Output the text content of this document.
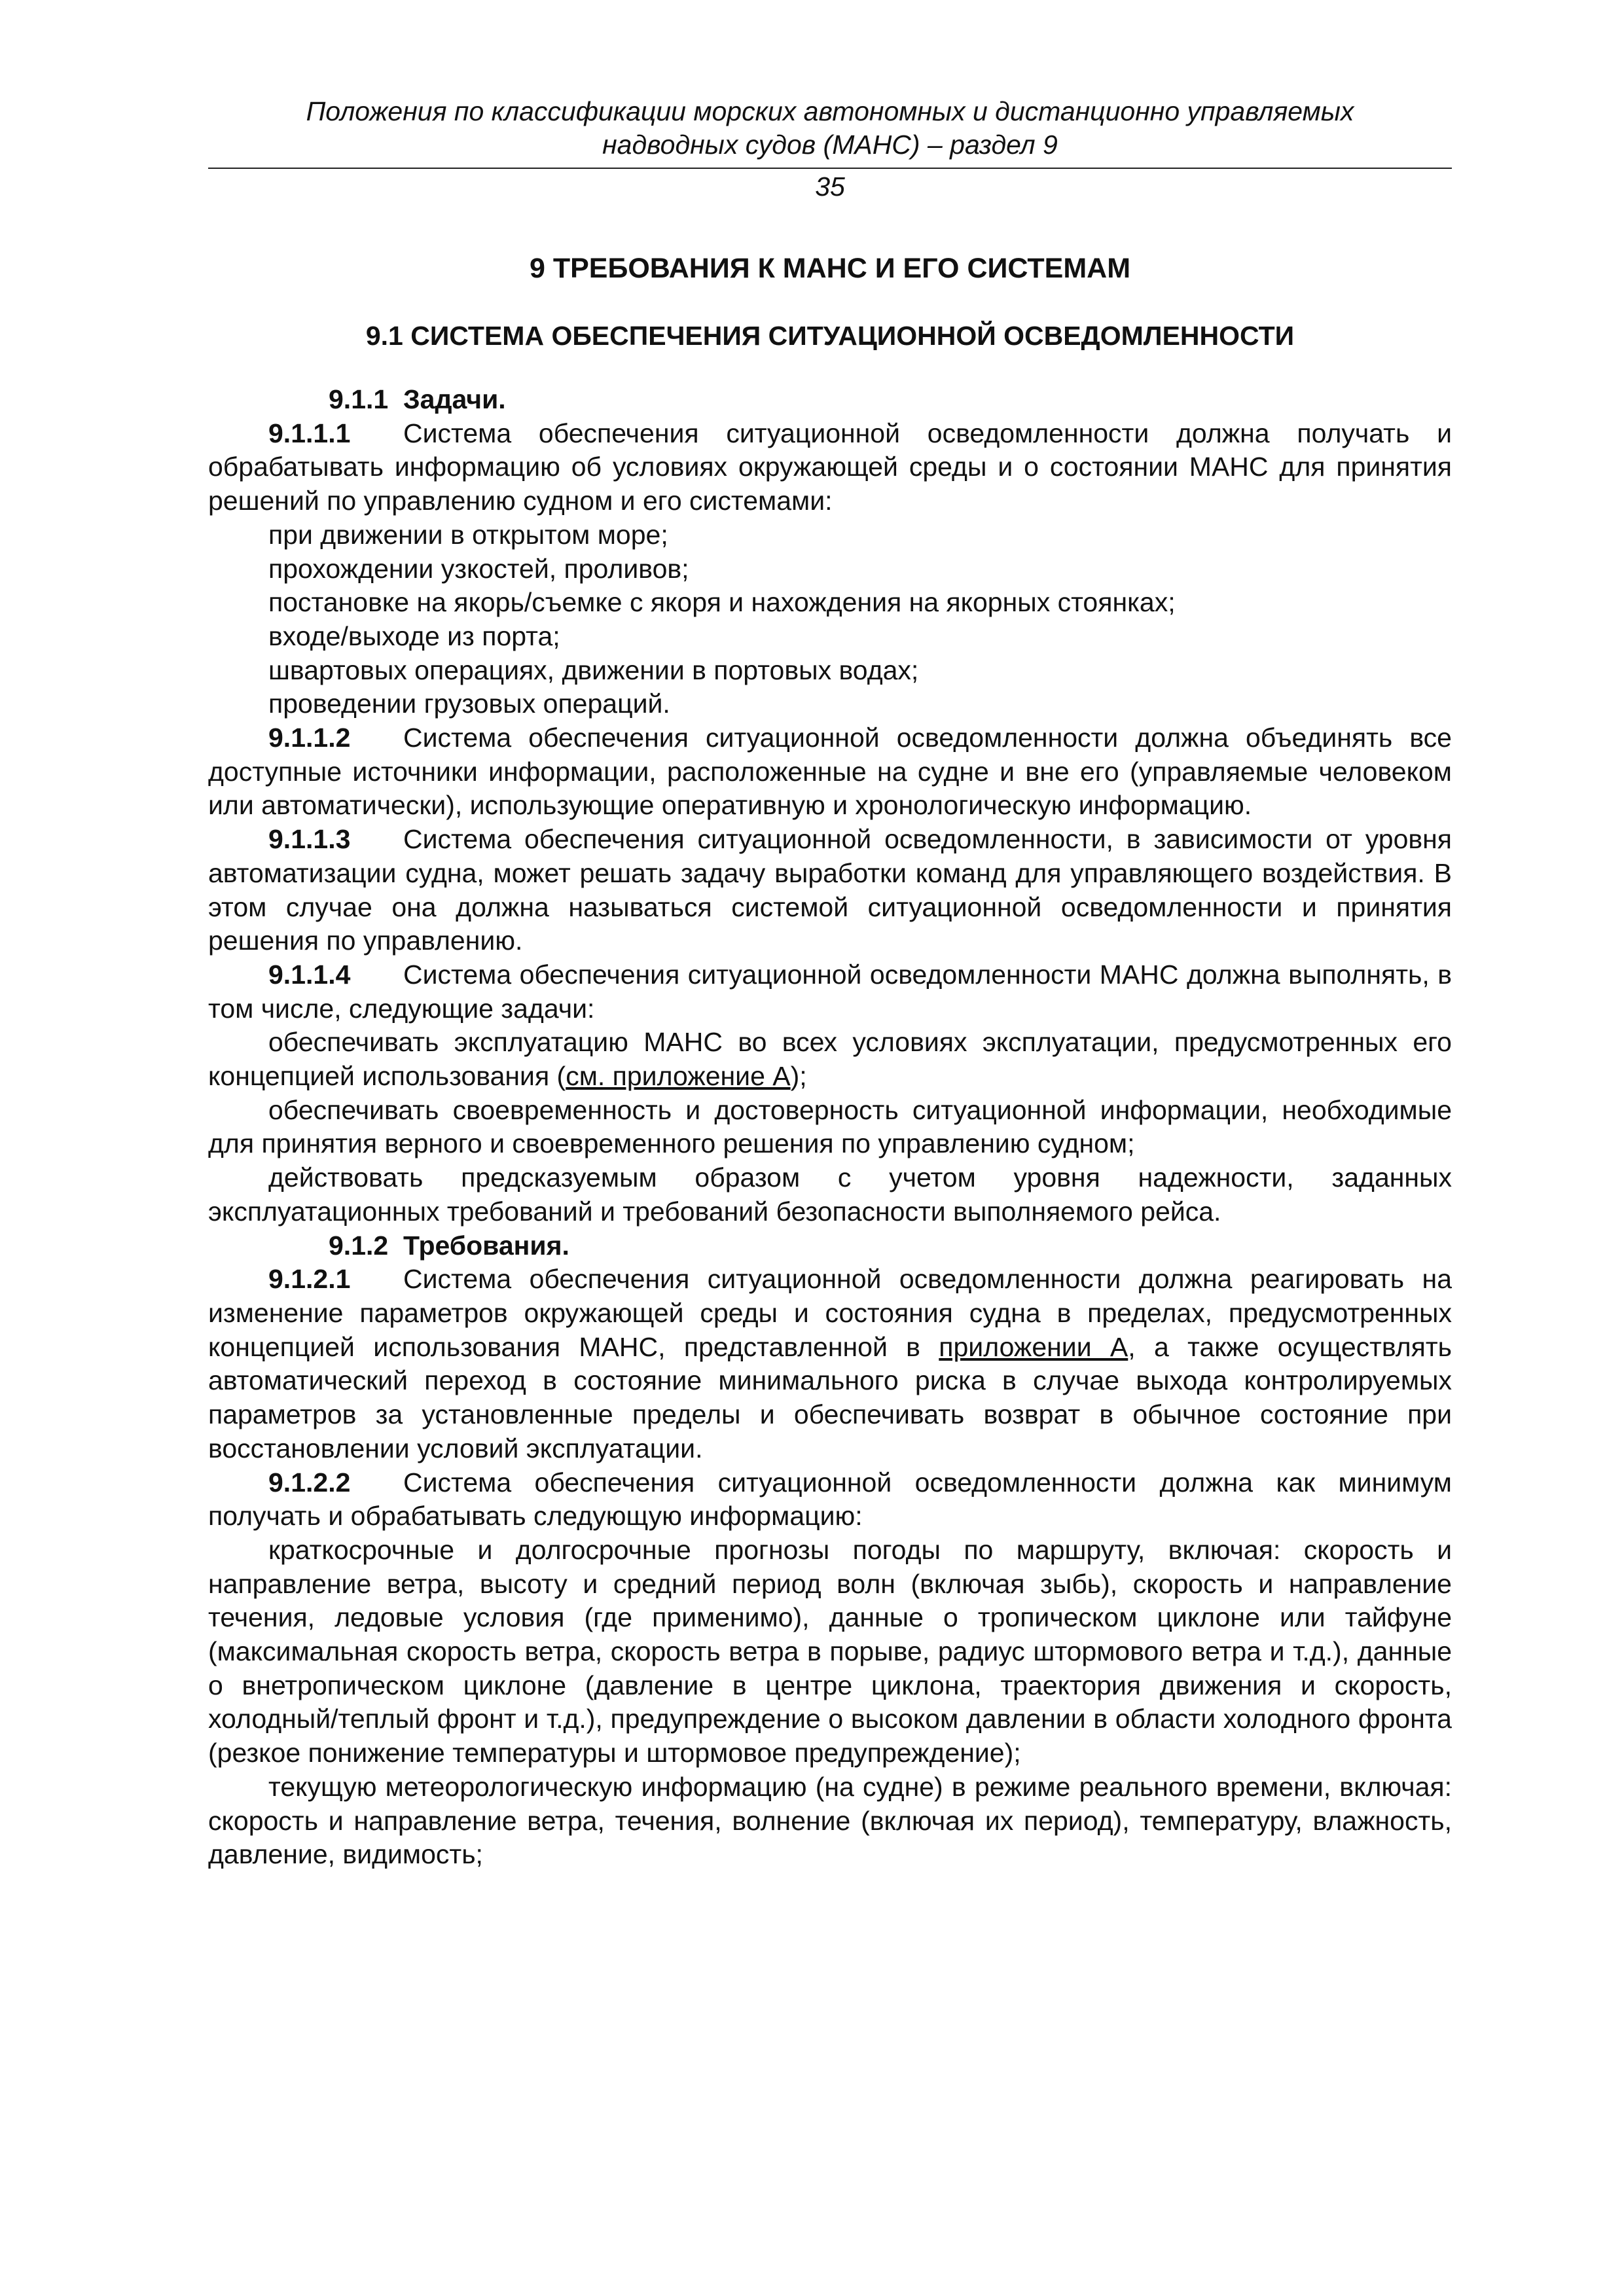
Положения по классификации морских автономных и дистанционно управляемых
надводных судов (МАНС) – раздел 9
35
9 ТРЕБОВАНИЯ К МАНС И ЕГО СИСТЕМАМ
9.1 СИСТЕМА ОБЕСПЕЧЕНИЯ СИТУАЦИОННОЙ ОСВЕДОМЛЕННОСТИ

9.1.1 Задачи.

9.1.1.1 Система обеспечения ситуационной осведомленности должна получать и обрабатывать информацию об условиях окружающей среды и о состоянии МАНС для принятия решений по управлению судном и его системами:

при движении в открытом море;

прохождении узкостей, проливов;

постановке на якорь/съемке с якоря и нахождения на якорных стоянках;

входе/выходе из порта;

швартовых операциях, движении в портовых водах;

проведении грузовых операций.

9.1.1.2 Система обеспечения ситуационной осведомленности должна объединять все доступные источники информации, расположенные на судне и вне его (управляемые человеком или автоматически), использующие оперативную и хронологическую информацию.

9.1.1.3 Система обеспечения ситуационной осведомленности, в зависимости от уровня автоматизации судна, может решать задачу выработки команд для управляющего воздействия. В этом случае она должна называться системой ситуационной осведомленности и принятия решения по управлению.

9.1.1.4 Система обеспечения ситуационной осведомленности МАНС должна выполнять, в том числе, следующие задачи:

обеспечивать эксплуатацию МАНС во всех условиях эксплуатации, предусмотренных его концепцией использования (см. приложение А);

обеспечивать своевременность и достоверность ситуационной информации, необходимые для принятия верного и своевременного решения по управлению судном;

действовать предсказуемым образом с учетом уровня надежности, заданных эксплуатационных требований и требований безопасности выполняемого рейса.

9.1.2 Требования.

9.1.2.1 Система обеспечения ситуационной осведомленности должна реагировать на изменение параметров окружающей среды и состояния судна в пределах, предусмотренных концепцией использования МАНС, представленной в приложении А, а также осуществлять автоматический переход в состояние минимального риска в случае выхода контролируемых параметров за установленные пределы и обеспечивать возврат в обычное состояние при восстановлении условий эксплуатации.

9.1.2.2 Система обеспечения ситуационной осведомленности должна как минимум получать и обрабатывать следующую информацию:

краткосрочные и долгосрочные прогнозы погоды по маршруту, включая: скорость и направление ветра, высоту и средний период волн (включая зыбь), скорость и направление течения, ледовые условия (где применимо), данные о тропическом циклоне или тайфуне (максимальная скорость ветра, скорость ветра в порыве, радиус штормового ветра и т.д.), данные о внетропическом циклоне (давление в центре циклона, траектория движения и скорость, холодный/теплый фронт и т.д.), предупреждение о высоком давлении в области холодного фронта (резкое понижение температуры и штормовое предупреждение);

текущую метеорологическую информацию (на судне) в режиме реального времени, включая: скорость и направление ветра, течения, волнение (включая их период), температуру, влажность, давление, видимость;
